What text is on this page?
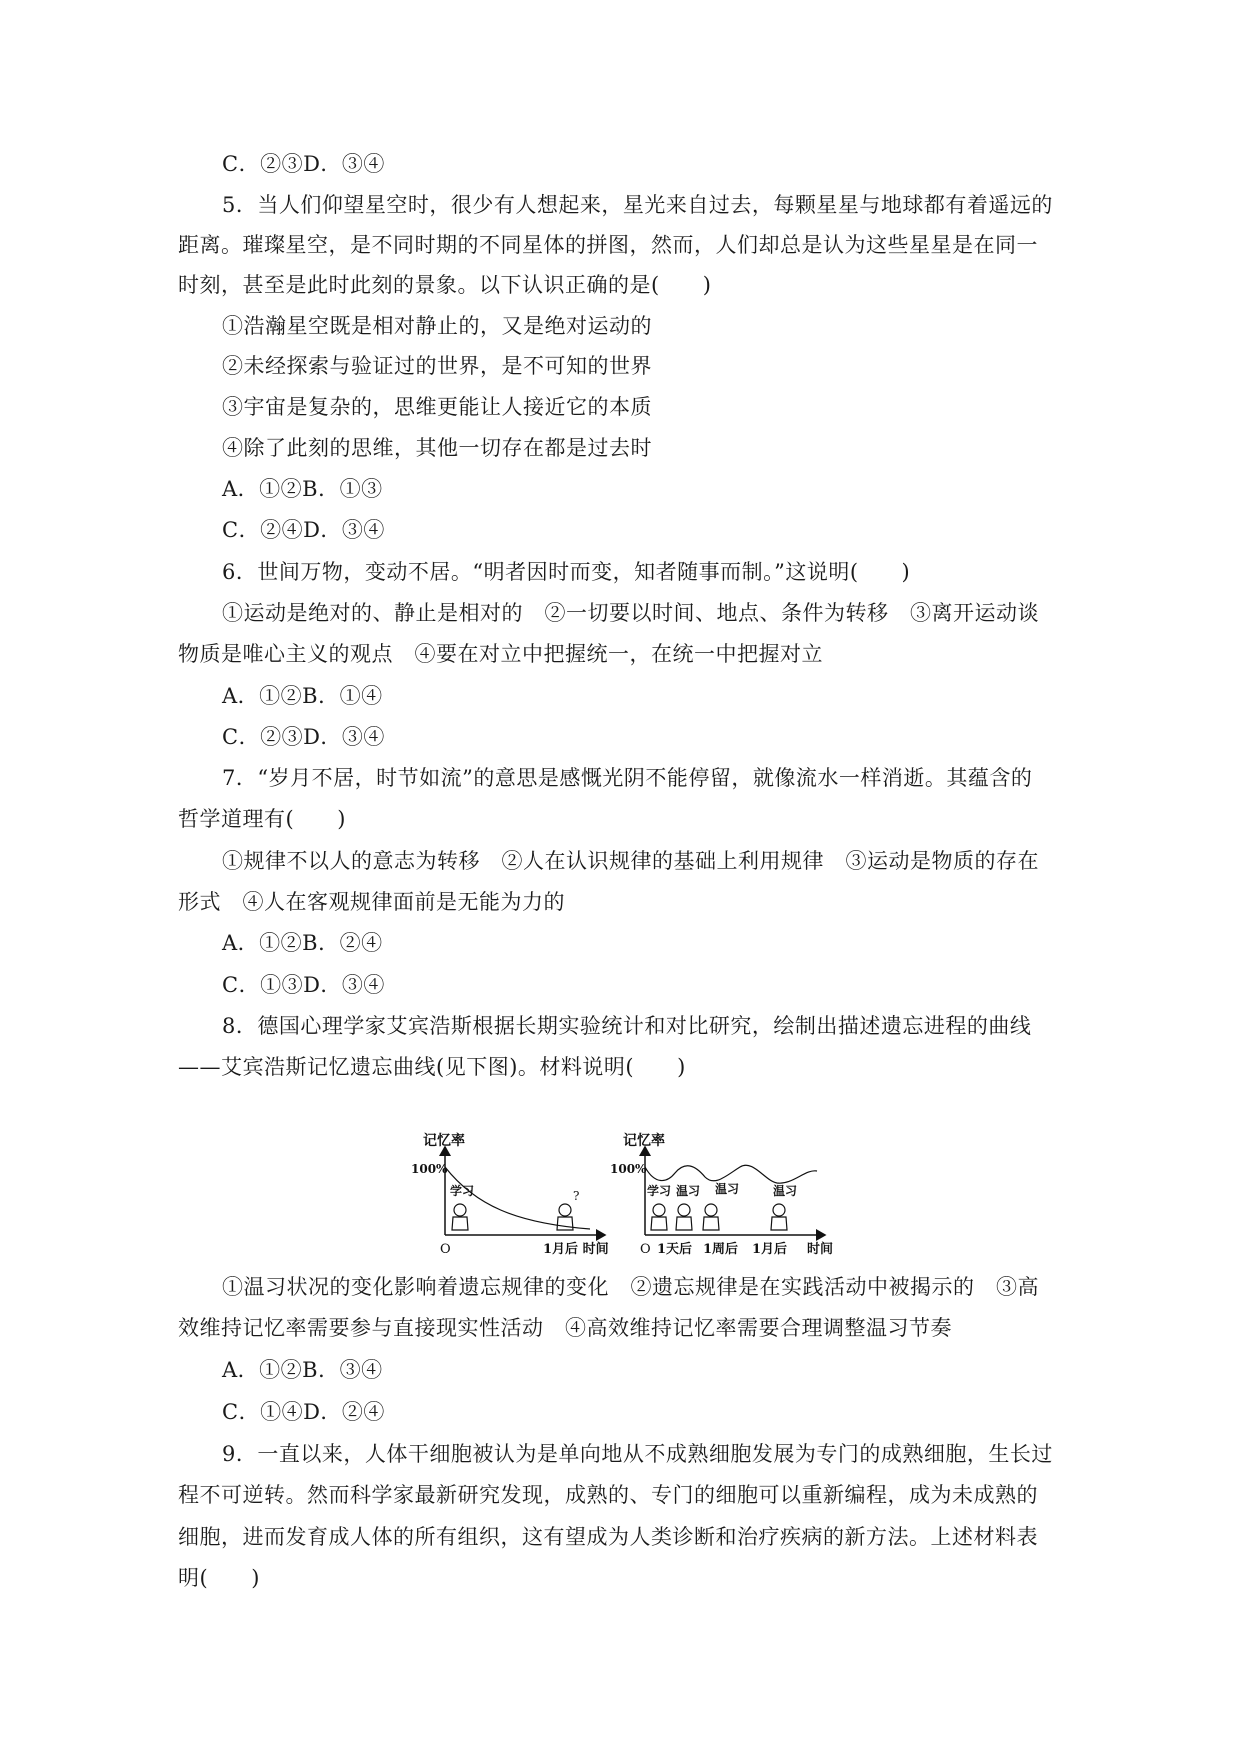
C．②③D．③④
5．当人们仰望星空时，很少有人想起来，星光来自过去，每颗星星与地球都有着遥远的
距离。璀璨星空，是不同时期的不同星体的拼图，然而，人们却总是认为这些星星是在同一
时刻，甚至是此时此刻的景象。以下认识正确的是(　　)
①浩瀚星空既是相对静止的，又是绝对运动的
②未经探索与验证过的世界，是不可知的世界
③宇宙是复杂的，思维更能让人接近它的本质
④除了此刻的思维，其他一切存在都是过去时
A．①②B．①③
C．②④D．③④
6．世间万物，变动不居。“明者因时而变，知者随事而制。”这说明(　　)
①运动是绝对的、静止是相对的　②一切要以时间、地点、条件为转移　③离开运动谈
物质是唯心主义的观点　④要在对立中把握统一，在统一中把握对立
A．①②B．①④
C．②③D．③④
7．“岁月不居，时节如流”的意思是感慨光阴不能停留，就像流水一样消逝。其蕴含的
哲学道理有(　　)
①规律不以人的意志为转移　②人在认识规律的基础上利用规律　③运动是物质的存在
形式　④人在客观规律面前是无能为力的
A．①②B．②④
C．①③D．③④
8．德国心理学家艾宾浩斯根据长期实验统计和对比研究，绘制出描述遗忘进程的曲线
——艾宾浩斯记忆遗忘曲线(见下图)。材料说明(　　)
记忆率
100%
O
学习	?
1月后 时间
记忆率
100%
O
学习 温习 温习	温习
1天后 1周后 1月后 时间
①温习状况的变化影响着遗忘规律的变化　②遗忘规律是在实践活动中被揭示的　③高
效维持记忆率需要参与直接现实性活动　④高效维持记忆率需要合理调整温习节奏
A．①②B．③④
C．①④D．②④
9．一直以来，人体干细胞被认为是单向地从不成熟细胞发展为专门的成熟细胞，生长过
程不可逆转。然而科学家最新研究发现，成熟的、专门的细胞可以重新编程，成为未成熟的
细胞，进而发育成人体的所有组织，这有望成为人类诊断和治疗疾病的新方法。上述材料表
明(　　)
